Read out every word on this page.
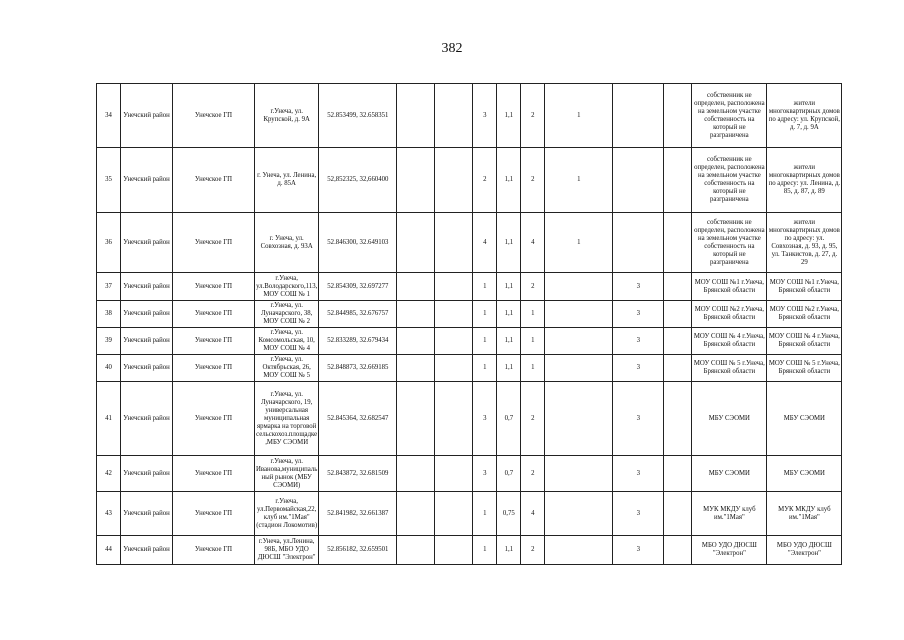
382
34	Унечский район	Унечское ГП	г.Унеча, ул. Крупской, д. 9А	52.853499, 32.658351			3	1,1	2	1			собственник не определен, расположена на земельном участке собственность на который не разграничена	жители многоквартирных домов по адресу: ул. Крупской, д. 7, д. 9А
35	Унечский район	Унечское ГП	г. Унеча, ул. Ленина, д. 85А	52,852325, 32,660400			2	1,1	2	1			собственник не определен, расположена на земельном участке собственность на который не разграничена	жители многоквартирных домов по адресу: ул. Ленина, д. 85, д. 87, д. 89
36	Унечский район	Унечское ГП	г. Унеча, ул. Совхозная, д. 93А	52.846300, 32.649103			4	1,1	4	1			собственник не определен, расположена на земельном участке собственность на который не разграничена	жители многоквартирных домов по адресу: ул. Совхозная, д. 93, д. 95, ул. Танкистов, д. 27, д. 29
37	Унечский район	Унечское ГП	г.Унеча, ул.Володарского,113, МОУ СОШ № 1	52.854309, 32.697277			1	1,1	2		3		МОУ СОШ №1 г.Унеча, Брянской области	МОУ СОШ №1 г.Унеча, Брянской области
38	Унечский район	Унечское ГП	г.Унеча, ул. Луначарского, 38, МОУ СОШ № 2	52.844985, 32.676757			1	1,1	1		3		МОУ СОШ №2 г.Унеча, Брянской области	МОУ СОШ №2 г.Унеча, Брянской области
39	Унечский район	Унечское ГП	г.Унеча, ул. Комсомольская, 10, МОУ СОШ № 4	52.833289, 32.679434			1	1,1	1		3		МОУ СОШ № 4 г.Унеча, Брянской области	МОУ СОШ № 4 г.Унеча, Брянской области
40	Унечский район	Унечское ГП	г.Унеча, ул. Октябрьская, 26, МОУ СОШ № 5	52.848873, 32.669185			1	1,1	1		3		МОУ СОШ № 5 г.Унеча, Брянской области	МОУ СОШ № 5 г.Унеча, Брянской области
41	Унечский район	Унечское ГП	г.Унеча, ул. Луначарского, 19, универсальная муниципальная ярмарка на торговой сельскохоз.площадке ,МБУ СЭОМИ	52.845364, 32.682547			3	0,7	2		3		МБУ СЭОМИ	МБУ СЭОМИ
42	Унечский район	Унечское ГП	г.Унеча, ул. Иванова,муниципаль ный рынок (МБУ СЭОМИ)	52.843872, 32.681509			3	0,7	2		3		МБУ СЭОМИ	МБУ СЭОМИ
43	Унечский район	Унечское ГП	г.Унеча, ул.Первомайская,22, клуб им."1Мая" (стадион Локомотив)	52.841982, 32.661387			1	0,75	4		3		МУК МКДУ клуб им."1Мая"	МУК МКДУ клуб им."1Мая"
44	Унечский район	Унечское ГП	г.Унеча, ул.Ленина, 98Б, МБО УДО ДЮСШ "Электрон"	52.856182, 32.659501			1	1,1	2		3		МБО УДО ДЮСШ "Электрон"	МБО УДО ДЮСШ "Электрон"
